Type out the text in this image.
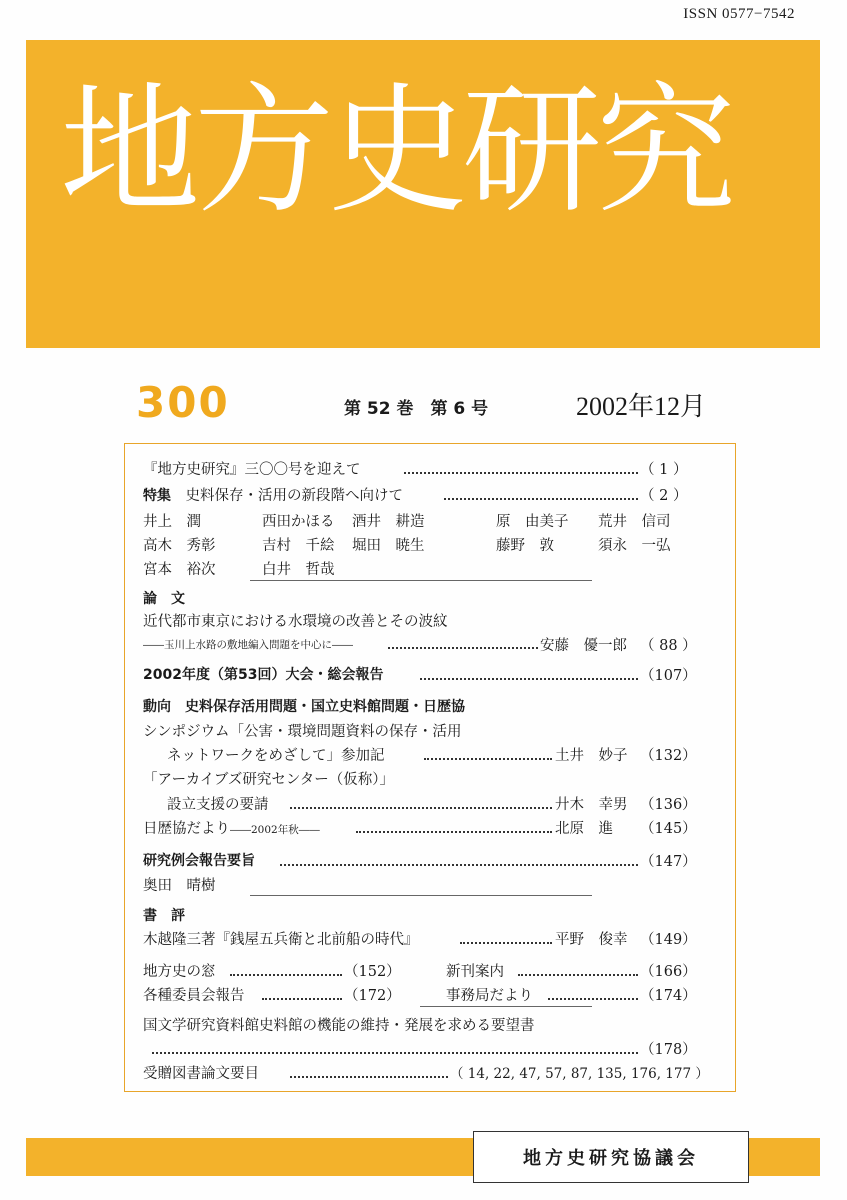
ISSN 0577−7542
地方史研究
300	第 52 巻　第 6 号	2002年12月
『地方史研究』三〇〇号を迎えて	（ 1 ）
特集　 史料保存・活用の新段階へ向けて	（ 2 ）
井上　潤	西田かほる 酒井　耕造	原　由美子 荒井　信司
高木　秀彰	吉村　千絵 堀田　暁生	藤野　敦	須永　一弘
宮本　裕次	白井　哲哉
論　文
近代都市東京における水環境の改善とその波紋
――玉川上水路の敷地編入問題を中心に――	安藤　優一郎 （ 88 ）
2002年度（第53回）大会・総会報告	（107）
動向　 史料保存活用問題・国立史料館問題・日歴協
シンポジウム「公害・環境問題資料の保存・活用
ネットワークをめざして」参加記	土井　妙子 （132）
「アーカイブズ研究センター（仮称）」
設立支援の要請	廾木　幸男 （136）
日歴協だより――2002年秋――	北原　進 （145）
研究例会報告要旨	（147）
奥田　晴樹
書　評
木越隆三著『銭屋五兵衛と北前船の時代』	平野　俊幸 （149）
地方史の窓	（152）	新刊案内	（166）
各種委員会報告	（172）	事務局だより	（174）
国文学研究資料館史料館の機能の維持・発展を求める要望書
（178）
受贈図書論文要目	（ 14, 22, 47, 57, 87, 135, 176, 177 ）
地方史研究協議会
